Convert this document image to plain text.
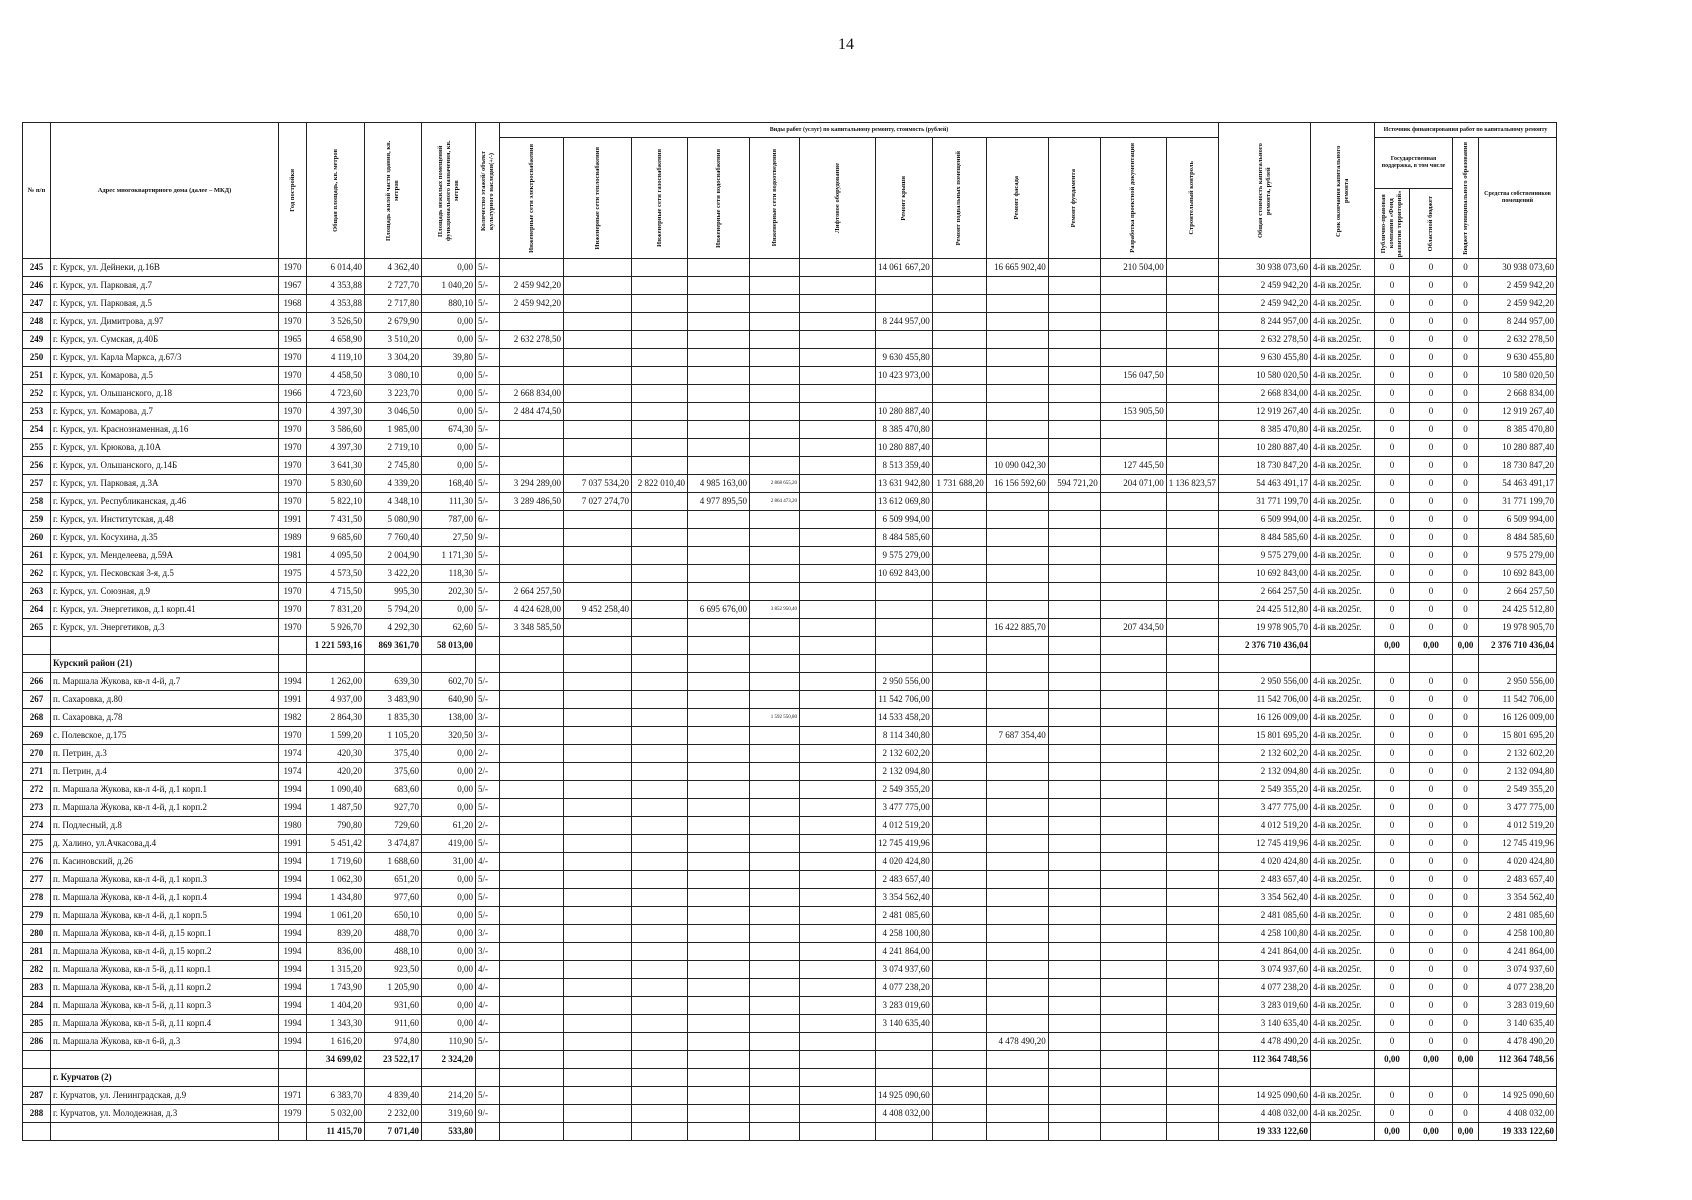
14
№ п/п	Адрес многоквартирного дома (далее – МКД)	Год постройки	Общая площадь, кв. метров	Площадь жилой части здания, кв. метров	Площадь нежилых помещений функционального назначения, кв. метров	Количество этажей/ объект культурного наследия(+/-)	Виды работ (услуг) по капитальному ремонту, стоимость (рублей)												Общая стоимость капитального ремонта, рублей	Срок окончания капитального ремонта	Источник финансирования работ по капитальному ремонту			

							Инженерные сети электроснабжения	Инженерные сети теплоснабжения	Инженерные сети газоснабжения	Инженерные сети водоснабжения	Инженерные сети водоотведения	Лифтовое оборудование	Ремонт крыши	Ремонт подвальных помещений	Ремонт фасада	Ремонт фундамента	Разработка проектной документации	Строительный контроль			Государственная поддержка, в том числе		Бюджет муниципального образования	Средства собственников помещений

																					Публично-правовая компания «Фонд развития территорий»	Областной бюджет		

245	г. Курск, ул. Дейнеки, д.16В	1970	6 014,40	4 362,40	0,00	5/-							14 061 667,20		16 665 902,40		210 504,00		30 938 073,60	4-й кв.2025г.	0	0	0	30 938 073,60
246	г. Курск, ул. Парковая, д.7	1967	4 353,88	2 727,70	1 040,20	5/-	2 459 942,20												2 459 942,20	4-й кв.2025г.	0	0	0	2 459 942,20
247	г. Курск, ул. Парковая, д.5	1968	4 353,88	2 717,80	880,10	5/-	2 459 942,20												2 459 942,20	4-й кв.2025г.	0	0	0	2 459 942,20
248	г. Курск, ул. Димитрова, д.97	1970	3 526,50	2 679,90	0,00	5/-							8 244 957,00						8 244 957,00	4-й кв.2025г.	0	0	0	8 244 957,00
249	г. Курск, ул. Сумская, д.40Б	1965	4 658,90	3 510,20	0,00	5/-	2 632 278,50												2 632 278,50	4-й кв.2025г.	0	0	0	2 632 278,50
250	г. Курск, ул. Карла Маркса, д.67/3	1970	4 119,10	3 304,20	39,80	5/-							9 630 455,80						9 630 455,80	4-й кв.2025г.	0	0	0	9 630 455,80
251	г. Курск, ул. Комарова, д.5	1970	4 458,50	3 080,10	0,00	5/-							10 423 973,00				156 047,50		10 580 020,50	4-й кв.2025г.	0	0	0	10 580 020,50
252	г. Курск, ул. Ольшанского, д.18	1966	4 723,60	3 223,70	0,00	5/-	2 668 834,00												2 668 834,00	4-й кв.2025г.	0	0	0	2 668 834,00
253	г. Курск, ул. Комарова, д.7	1970	4 397,30	3 046,50	0,00	5/-	2 484 474,50						10 280 887,40				153 905,50		12 919 267,40	4-й кв.2025г.	0	0	0	12 919 267,40
254	г. Курск, ул. Краснознаменная, д.16	1970	3 586,60	1 985,00	674,30	5/-							8 385 470,80						8 385 470,80	4-й кв.2025г.	0	0	0	8 385 470,80
255	г. Курск, ул. Крюкова, д.10А	1970	4 397,30	2 719,10	0,00	5/-							10 280 887,40						10 280 887,40	4-й кв.2025г.	0	0	0	10 280 887,40
256	г. Курск, ул. Ольшанского, д.14Б	1970	3 641,30	2 745,80	0,00	5/-							8 513 359,40		10 090 042,30		127 445,50		18 730 847,20	4-й кв.2025г.	0	0	0	18 730 847,20
257	г. Курск, ул. Парковая, д.3А	1970	5 830,60	4 339,20	168,40	5/-	3 294 289,00	7 037 534,20	2 822 010,40	4 985 163,00	2 868 655,20		13 631 942,80	1 731 688,20	16 156 592,60	594 721,20	204 071,00	1 136 823,57	54 463 491,17	4-й кв.2025г.	0	0	0	54 463 491,17
258	г. Курск, ул. Республиканская, д.46	1970	5 822,10	4 348,10	111,30	5/-	3 289 486,50	7 027 274,70		4 977 895,50	2 864 473,20		13 612 069,80						31 771 199,70	4-й кв.2025г.	0	0	0	31 771 199,70
259	г. Курск, ул. Институтская, д.48	1991	7 431,50	5 080,90	787,00	6/-							6 509 994,00						6 509 994,00	4-й кв.2025г.	0	0	0	6 509 994,00
260	г. Курск, ул. Косухина, д.35	1989	9 685,60	7 760,40	27,50	9/-							8 484 585,60						8 484 585,60	4-й кв.2025г.	0	0	0	8 484 585,60
261	г. Курск, ул. Менделеева, д.59А	1981	4 095,50	2 004,90	1 171,30	5/-							9 575 279,00						9 575 279,00	4-й кв.2025г.	0	0	0	9 575 279,00
262	г. Курск, ул. Песковская 3-я, д.5	1975	4 573,50	3 422,20	118,30	5/-							10 692 843,00						10 692 843,00	4-й кв.2025г.	0	0	0	10 692 843,00
263	г. Курск, ул. Союзная, д.9	1970	4 715,50	995,30	202,30	5/-	2 664 257,50												2 664 257,50	4-й кв.2025г.	0	0	0	2 664 257,50
264	г. Курск, ул. Энергетиков, д.1 корп.41	1970	7 831,20	5 794,20	0,00	5/-	4 424 628,00	9 452 258,40		6 695 676,00	3 852 950,40								24 425 512,80	4-й кв.2025г.	0	0	0	24 425 512,80
265	г. Курск, ул. Энергетиков, д.3	1970	5 926,70	4 292,30	62,60	5/-	3 348 585,50								16 422 885,70		207 434,50		19 978 905,70	4-й кв.2025г.	0	0	0	19 978 905,70
			1 221 593,16	869 361,70	58 013,00														2 376 710 436,04		0,00	0,00	0,00	2 376 710 436,04
	Курский район (21)																							
266	п. Маршала Жукова, кв-л 4-й, д.7	1994	1 262,00	639,30	602,70	5/-							2 950 556,00						2 950 556,00	4-й кв.2025г.	0	0	0	2 950 556,00
267	п. Сахаровка, д.80	1991	4 937,00	3 483,90	640,90	5/-							11 542 706,00						11 542 706,00	4-й кв.2025г.	0	0	0	11 542 706,00
268	п. Сахаровка, д.78	1982	2 864,30	1 835,30	138,00	3/-					1 592 550,80		14 533 458,20						16 126 009,00	4-й кв.2025г.	0	0	0	16 126 009,00
269	с. Полевское, д.175	1970	1 599,20	1 105,20	320,50	3/-							8 114 340,80		7 687 354,40				15 801 695,20	4-й кв.2025г.	0	0	0	15 801 695,20
270	п. Петрин, д.3	1974	420,30	375,40	0,00	2/-							2 132 602,20						2 132 602,20	4-й кв.2025г.	0	0	0	2 132 602,20
271	п. Петрин, д.4	1974	420,20	375,60	0,00	2/-							2 132 094,80						2 132 094,80	4-й кв.2025г.	0	0	0	2 132 094,80
272	п. Маршала Жукова, кв-л 4-й, д.1 корп.1	1994	1 090,40	683,60	0,00	5/-							2 549 355,20						2 549 355,20	4-й кв.2025г.	0	0	0	2 549 355,20
273	п. Маршала Жукова, кв-л 4-й, д.1 корп.2	1994	1 487,50	927,70	0,00	5/-							3 477 775,00						3 477 775,00	4-й кв.2025г.	0	0	0	3 477 775,00
274	п. Подлесный, д.8	1980	790,80	729,60	61,20	2/-							4 012 519,20						4 012 519,20	4-й кв.2025г.	0	0	0	4 012 519,20
275	д. Халино, ул.Ачкасова,д.4	1991	5 451,42	3 474,87	419,00	5/-							12 745 419,96						12 745 419,96	4-й кв.2025г.	0	0	0	12 745 419,96
276	п. Касиновский, д.26	1994	1 719,60	1 688,60	31,00	4/-							4 020 424,80						4 020 424,80	4-й кв.2025г.	0	0	0	4 020 424,80
277	п. Маршала Жукова, кв-л 4-й, д.1 корп.3	1994	1 062,30	651,20	0,00	5/-							2 483 657,40						2 483 657,40	4-й кв.2025г.	0	0	0	2 483 657,40
278	п. Маршала Жукова, кв-л 4-й, д.1 корп.4	1994	1 434,80	977,60	0,00	5/-							3 354 562,40						3 354 562,40	4-й кв.2025г.	0	0	0	3 354 562,40
279	п. Маршала Жукова, кв-л 4-й, д.1 корп.5	1994	1 061,20	650,10	0,00	5/-							2 481 085,60						2 481 085,60	4-й кв.2025г.	0	0	0	2 481 085,60
280	п. Маршала Жукова, кв-л 4-й, д.15 корп.1	1994	839,20	488,70	0,00	3/-							4 258 100,80						4 258 100,80	4-й кв.2025г.	0	0	0	4 258 100,80
281	п. Маршала Жукова, кв-л 4-й, д.15 корп.2	1994	836,00	488,10	0,00	3/-							4 241 864,00						4 241 864,00	4-й кв.2025г.	0	0	0	4 241 864,00
282	п. Маршала Жукова, кв-л 5-й, д.11 корп.1	1994	1 315,20	923,50	0,00	4/-							3 074 937,60						3 074 937,60	4-й кв.2025г.	0	0	0	3 074 937,60
283	п. Маршала Жукова, кв-л 5-й, д.11 корп.2	1994	1 743,90	1 205,90	0,00	4/-							4 077 238,20						4 077 238,20	4-й кв.2025г.	0	0	0	4 077 238,20
284	п. Маршала Жукова, кв-л 5-й, д.11 корп.3	1994	1 404,20	931,60	0,00	4/-							3 283 019,60						3 283 019,60	4-й кв.2025г.	0	0	0	3 283 019,60
285	п. Маршала Жукова, кв-л 5-й, д.11 корп.4	1994	1 343,30	911,60	0,00	4/-							3 140 635,40						3 140 635,40	4-й кв.2025г.	0	0	0	3 140 635,40
286	п. Маршала Жукова, кв-л 6-й, д.3	1994	1 616,20	974,80	110,90	5/-									4 478 490,20				4 478 490,20	4-й кв.2025г.	0	0	0	4 478 490,20
			34 699,02	23 522,17	2 324,20														112 364 748,56		0,00	0,00	0,00	112 364 748,56
	г. Курчатов (2)																							
287	г. Курчатов, ул. Ленинградская, д.9	1971	6 383,70	4 839,40	214,20	5/-							14 925 090,60						14 925 090,60	4-й кв.2025г.	0	0	0	14 925 090,60
288	г. Курчатов, ул. Молодежная, д.3	1979	5 032,00	2 232,00	319,60	9/-							4 408 032,00						4 408 032,00	4-й кв.2025г.	0	0	0	4 408 032,00
			11 415,70	7 071,40	533,80														19 333 122,60		0,00	0,00	0,00	19 333 122,60
